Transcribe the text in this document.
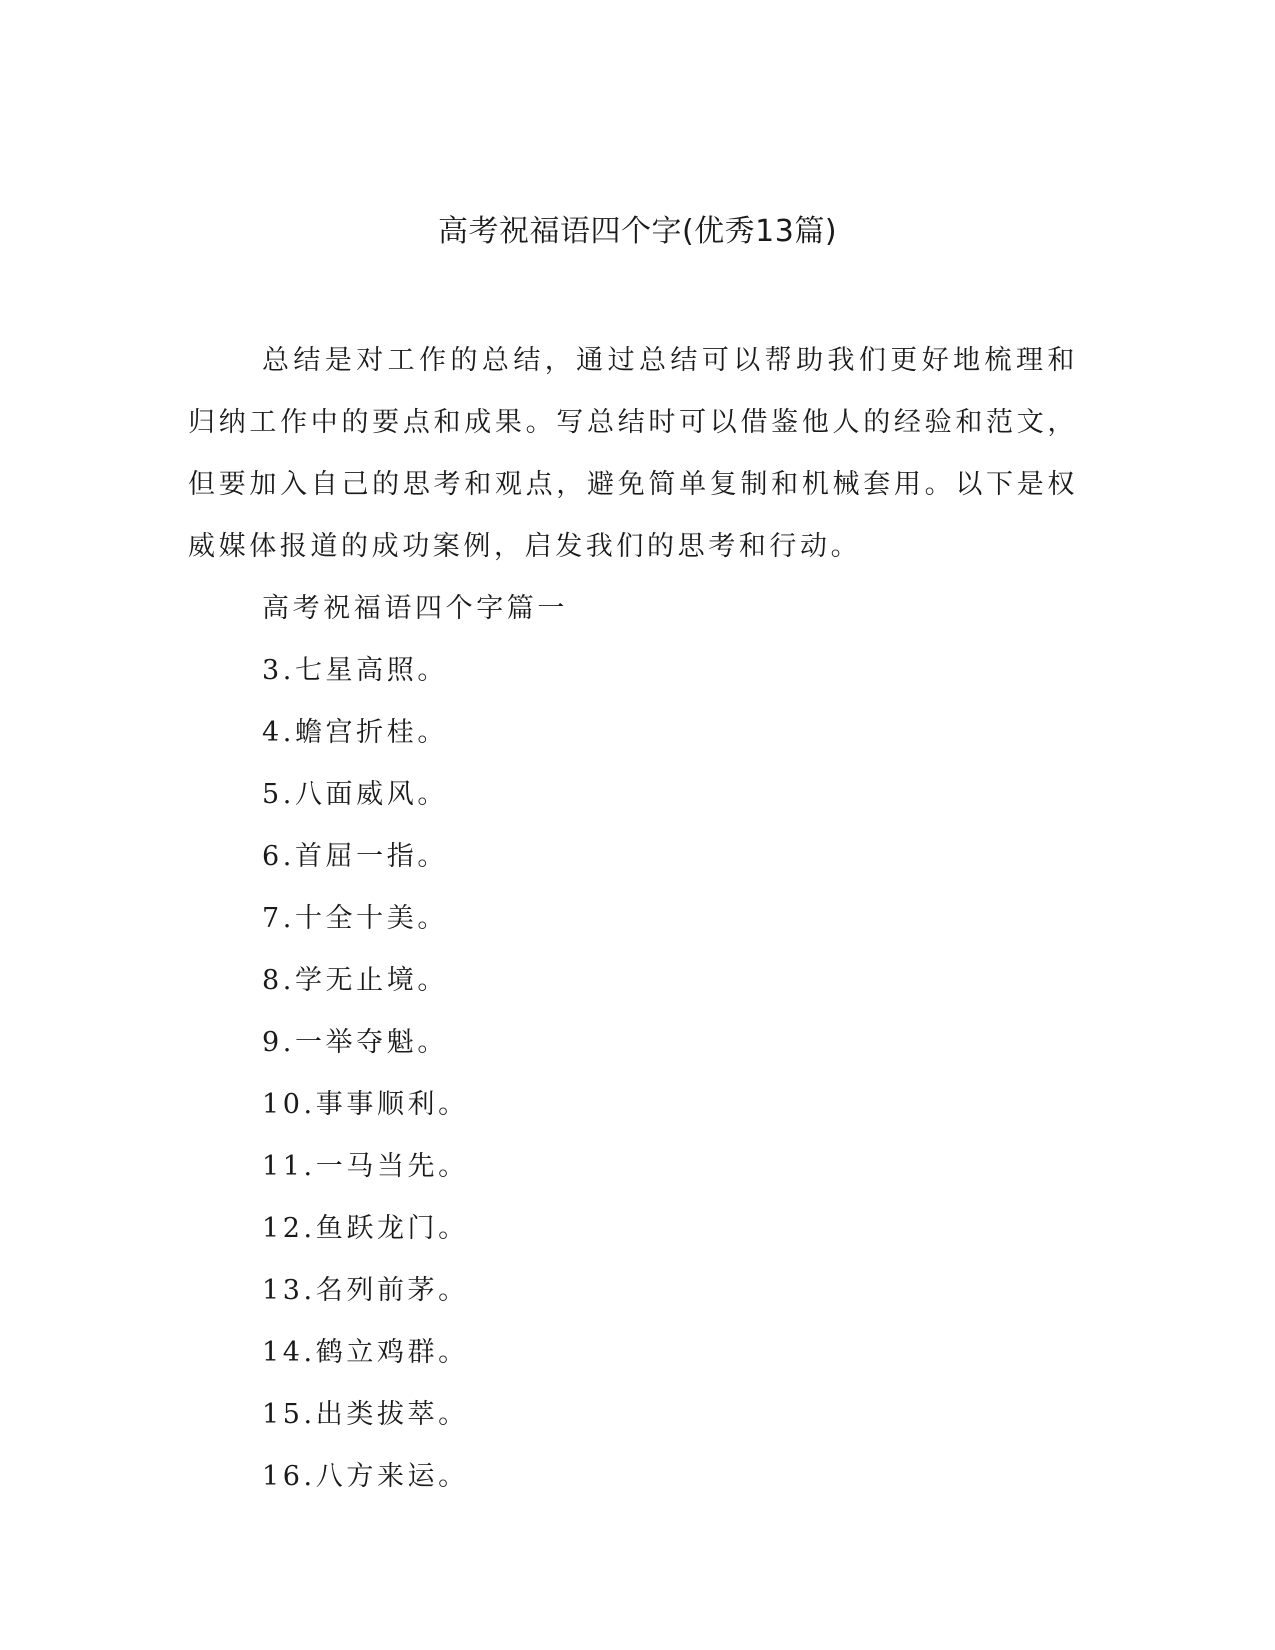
高考祝福语四个字(优秀13篇)

总结是对工作的总结，通过总结可以帮助我们更好地梳理和归纳工作中的要点和成果。写总结时可以借鉴他人的经验和范文，但要加入自己的思考和观点，避免简单复制和机械套用。以下是权威媒体报道的成功案例，启发我们的思考和行动。

高考祝福语四个字篇一
3.七星高照。
4.蟾宫折桂。
5.八面威风。
6.首屈一指。
7.十全十美。
8.学无止境。
9.一举夺魁。
10.事事顺利。
11.一马当先。
12.鱼跃龙门。
13.名列前茅。
14.鹤立鸡群。
15.出类拔萃。
16.八方来运。
